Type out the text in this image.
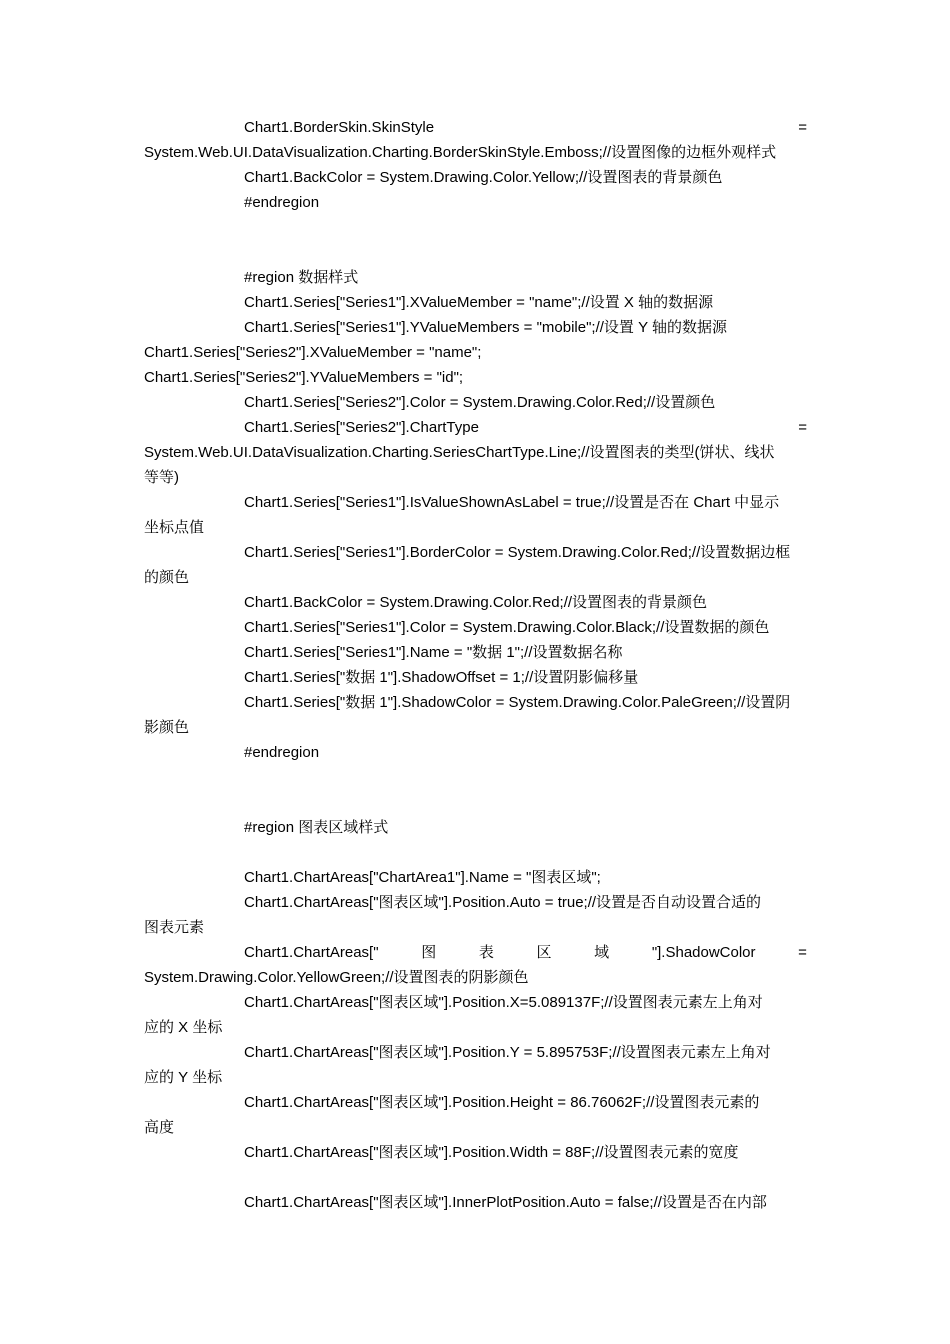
Chart1.BorderSkin.SkinStyle	=
System.Web.UI.DataVisualization.Charting.BorderSkinStyle.Emboss;//设置图像的边框外观样式
Chart1.BackColor = System.Drawing.Color.Yellow;//设置图表的背景颜色
#endregion
#region 数据样式
Chart1.Series["Series1"].XValueMember = "name";//设置 X 轴的数据源
Chart1.Series["Series1"].YValueMembers = "mobile";//设置 Y 轴的数据源
Chart1.Series["Series2"].XValueMember = "name";
Chart1.Series["Series2"].YValueMembers = "id";
Chart1.Series["Series2"].Color = System.Drawing.Color.Red;//设置颜色
Chart1.Series["Series2"].ChartType	=
System.Web.UI.DataVisualization.Charting.SeriesChartType.Line;//设置图表的类型(饼状、线状
等等)
Chart1.Series["Series1"].IsValueShownAsLabel = true;//设置是否在 Chart 中显示
坐标点值
Chart1.Series["Series1"].BorderColor = System.Drawing.Color.Red;//设置数据边框
的颜色
Chart1.BackColor = System.Drawing.Color.Red;//设置图表的背景颜色
Chart1.Series["Series1"].Color = System.Drawing.Color.Black;//设置数据的颜色
Chart1.Series["Series1"].Name = "数据 1";//设置数据名称
Chart1.Series["数据 1"].ShadowOffset = 1;//设置阴影偏移量
Chart1.Series["数据 1"].ShadowColor = System.Drawing.Color.PaleGreen;//设置阴
影颜色
#endregion
#region 图表区域样式
Chart1.ChartAreas["ChartArea1"].Name = "图表区域";
Chart1.ChartAreas["图表区域"].Position.Auto = true;//设置是否自动设置合适的
图表元素
Chart1.ChartAreas["	图	表	区	域	"].ShadowColor	=
System.Drawing.Color.YellowGreen;//设置图表的阴影颜色
Chart1.ChartAreas["图表区域"].Position.X=5.089137F;//设置图表元素左上角对
应的 X 坐标
Chart1.ChartAreas["图表区域"].Position.Y = 5.895753F;//设置图表元素左上角对
应的 Y 坐标
Chart1.ChartAreas["图表区域"].Position.Height = 86.76062F;//设置图表元素的
高度
Chart1.ChartAreas["图表区域"].Position.Width = 88F;//设置图表元素的宽度
Chart1.ChartAreas["图表区域"].InnerPlotPosition.Auto = false;//设置是否在内部
